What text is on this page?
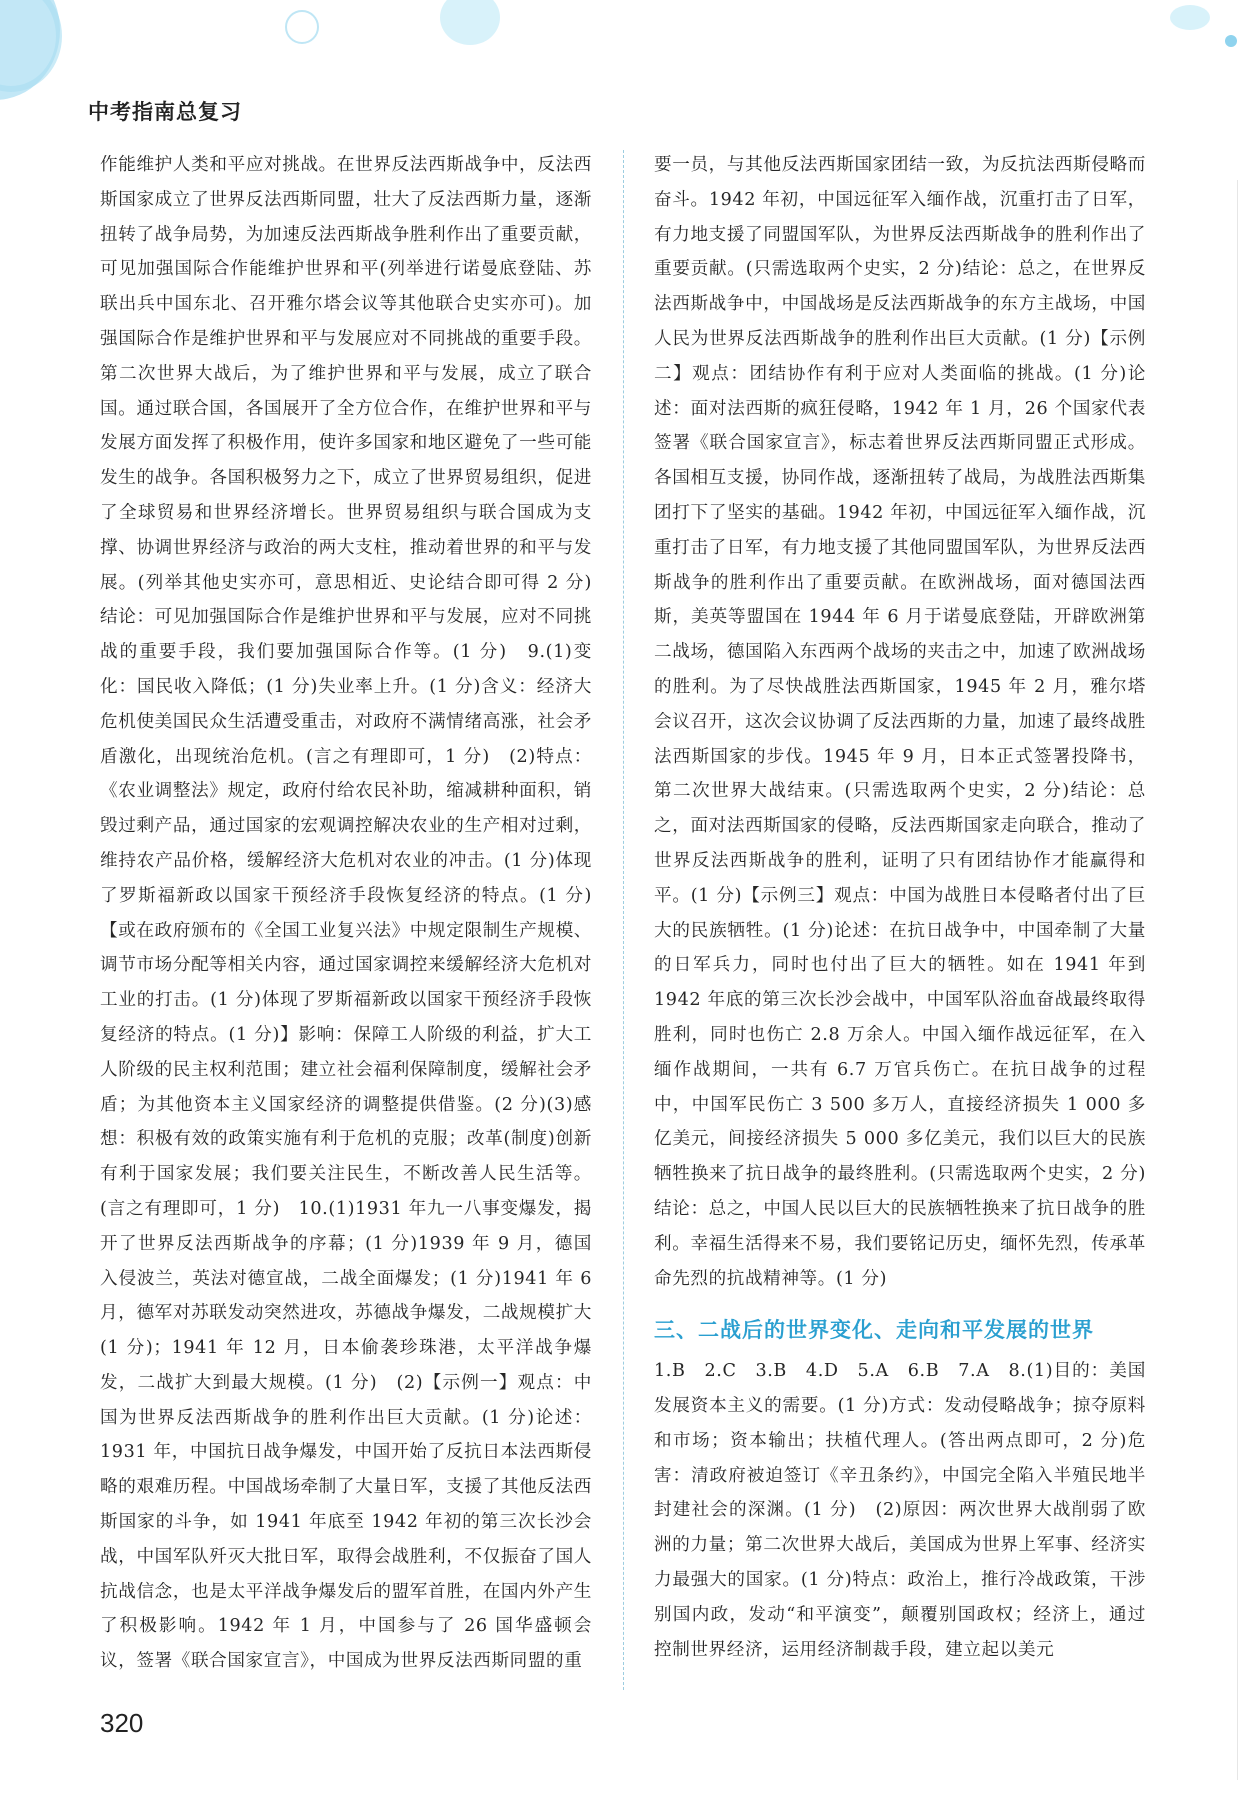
中考指南总复习

作能维护人类和平应对挑战。在世界反法西斯战争中，反法西斯国家成立了世界反法西斯同盟，壮大了反法西斯力量，逐渐扭转了战争局势，为加速反法西斯战争胜利作出了重要贡献，可见加强国际合作能维护世界和平(列举进行诺曼底登陆、苏联出兵中国东北、召开雅尔塔会议等其他联合史实亦可)。加强国际合作是维护世界和平与发展应对不同挑战的重要手段。第二次世界大战后，为了维护世界和平与发展，成立了联合国。通过联合国，各国展开了全方位合作，在维护世界和平与发展方面发挥了积极作用，使许多国家和地区避免了一些可能发生的战争。各国积极努力之下，成立了世界贸易组织，促进了全球贸易和世界经济增长。世界贸易组织与联合国成为支撑、协调世界经济与政治的两大支柱，推动着世界的和平与发展。(列举其他史实亦可，意思相近、史论结合即可得 2 分)结论：可见加强国际合作是维护世界和平与发展，应对不同挑战的重要手段，我们要加强国际合作等。(1 分)　9.(1)变化：国民收入降低；(1 分)失业率上升。(1 分)含义：经济大危机使美国民众生活遭受重击，对政府不满情绪高涨，社会矛盾激化，出现统治危机。(言之有理即可，1 分)　(2)特点：《农业调整法》规定，政府付给农民补助，缩减耕种面积，销毁过剩产品，通过国家的宏观调控解决农业的生产相对过剩，维持农产品价格，缓解经济大危机对农业的冲击。(1 分)体现了罗斯福新政以国家干预经济手段恢复经济的特点。(1 分)【或在政府颁布的《全国工业复兴法》中规定限制生产规模、调节市场分配等相关内容，通过国家调控来缓解经济大危机对工业的打击。(1 分)体现了罗斯福新政以国家干预经济手段恢复经济的特点。(1 分)】影响：保障工人阶级的利益，扩大工人阶级的民主权利范围；建立社会福利保障制度，缓解社会矛盾；为其他资本主义国家经济的调整提供借鉴。(2 分)(3)感想：积极有效的政策实施有利于危机的克服；改革(制度)创新有利于国家发展；我们要关注民生，不断改善人民生活等。(言之有理即可，1 分)　10.(1)1931 年九一八事变爆发，揭开了世界反法西斯战争的序幕；(1 分)1939 年 9 月，德国入侵波兰，英法对德宣战，二战全面爆发；(1 分)1941 年 6 月，德军对苏联发动突然进攻，苏德战争爆发，二战规模扩大(1 分)；1941 年 12 月，日本偷袭珍珠港，太平洋战争爆发，二战扩大到最大规模。(1 分)　(2)【示例一】观点：中国为世界反法西斯战争的胜利作出巨大贡献。(1 分)论述：1931 年，中国抗日战争爆发，中国开始了反抗日本法西斯侵略的艰难历程。中国战场牵制了大量日军，支援了其他反法西斯国家的斗争，如 1941 年底至 1942 年初的第三次长沙会战，中国军队歼灭大批日军，取得会战胜利，不仅振奋了国人抗战信念，也是太平洋战争爆发后的盟军首胜，在国内外产生了积极影响。1942 年 1 月，中国参与了 26 国华盛顿会议，签署《联合国家宣言》，中国成为世界反法西斯同盟的重

要一员，与其他反法西斯国家团结一致，为反抗法西斯侵略而奋斗。1942 年初，中国远征军入缅作战，沉重打击了日军，有力地支援了同盟国军队，为世界反法西斯战争的胜利作出了重要贡献。(只需选取两个史实，2 分)结论：总之，在世界反法西斯战争中，中国战场是反法西斯战争的东方主战场，中国人民为世界反法西斯战争的胜利作出巨大贡献。(1 分)【示例二】观点：团结协作有利于应对人类面临的挑战。(1 分)论述：面对法西斯的疯狂侵略，1942 年 1 月，26 个国家代表签署《联合国家宣言》，标志着世界反法西斯同盟正式形成。各国相互支援，协同作战，逐渐扭转了战局，为战胜法西斯集团打下了坚实的基础。1942 年初，中国远征军入缅作战，沉重打击了日军，有力地支援了其他同盟国军队，为世界反法西斯战争的胜利作出了重要贡献。在欧洲战场，面对德国法西斯，美英等盟国在 1944 年 6 月于诺曼底登陆，开辟欧洲第二战场，德国陷入东西两个战场的夹击之中，加速了欧洲战场的胜利。为了尽快战胜法西斯国家，1945 年 2 月，雅尔塔会议召开，这次会议协调了反法西斯的力量，加速了最终战胜法西斯国家的步伐。1945 年 9 月，日本正式签署投降书，第二次世界大战结束。(只需选取两个史实，2 分)结论：总之，面对法西斯国家的侵略，反法西斯国家走向联合，推动了世界反法西斯战争的胜利，证明了只有团结协作才能赢得和平。(1 分)【示例三】观点：中国为战胜日本侵略者付出了巨大的民族牺牲。(1 分)论述：在抗日战争中，中国牵制了大量的日军兵力，同时也付出了巨大的牺牲。如在 1941 年到 1942 年底的第三次长沙会战中，中国军队浴血奋战最终取得胜利，同时也伤亡 2.8 万余人。中国入缅作战远征军，在入缅作战期间，一共有 6.7 万官兵伤亡。在抗日战争的过程中，中国军民伤亡 3 500 多万人，直接经济损失 1 000 多亿美元，间接经济损失 5 000 多亿美元，我们以巨大的民族牺牲换来了抗日战争的最终胜利。(只需选取两个史实，2 分)结论：总之，中国人民以巨大的民族牺牲换来了抗日战争的胜利。幸福生活得来不易，我们要铭记历史，缅怀先烈，传承革命先烈的抗战精神等。(1 分)

三、二战后的世界变化、走向和平发展的世界

1.B　2.C　3.B　4.D　5.A　6.B　7.A　8.(1)目的：美国发展资本主义的需要。(1 分)方式：发动侵略战争；掠夺原料和市场；资本输出；扶植代理人。(答出两点即可，2 分)危害：清政府被迫签订《辛丑条约》，中国完全陷入半殖民地半封建社会的深渊。(1 分)　(2)原因：两次世界大战削弱了欧洲的力量；第二次世界大战后，美国成为世界上军事、经济实力最强大的国家。(1 分)特点：政治上，推行冷战政策，干涉别国内政，发动“和平演变”，颠覆别国政权；经济上，通过控制世界经济，运用经济制裁手段，建立起以美元

320
